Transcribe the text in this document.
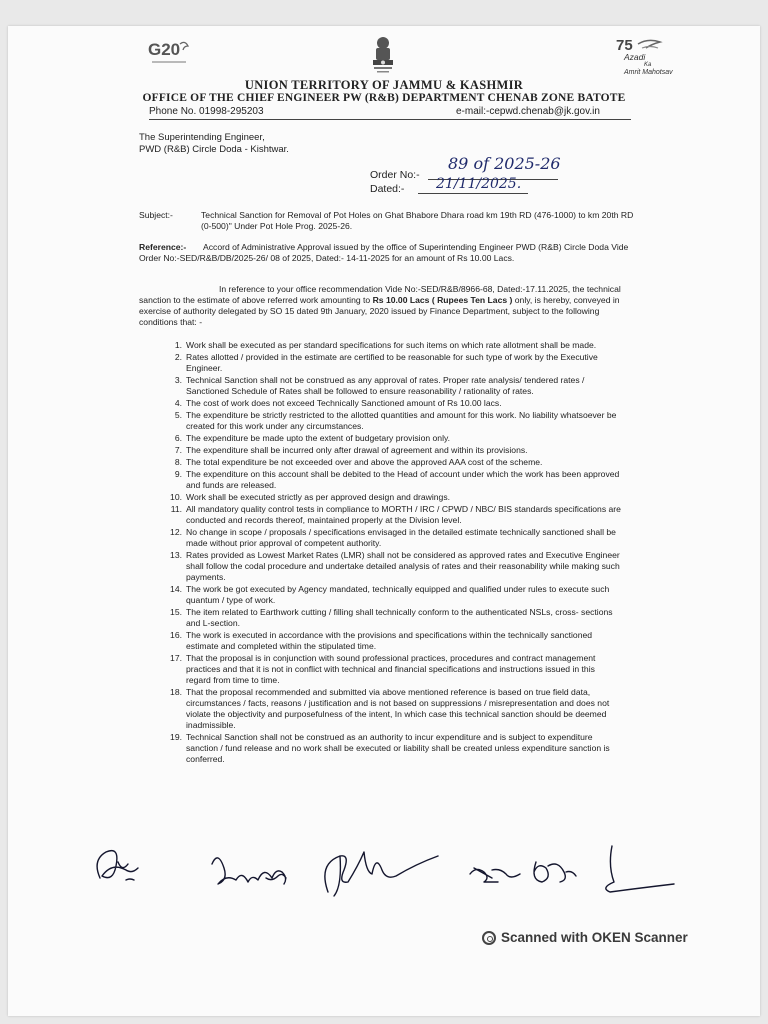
G20	75
Azadi
Ka
Amrit Mahotsav
UNION TERRITORY OF JAMMU & KASHMIR
OFFICE OF THE CHIEF ENGINEER PW (R&B) DEPARTMENT CHENAB ZONE BATOTE
Phone No. 01998-295203	e-mail:-cepwd.chenab@jk.gov.in
The Superintending Engineer,
PWD (R&B) Circle Doda - Kishtwar.
Order No:-
Dated:-
89 of 2025-26
21/11/2025.
Subject:-	Technical Sanction for Removal of Pot Holes on Ghat Bhabore Dhara road km 19th RD (476-1000) to km 20th RD (0-500)" Under Pot Hole Prog. 2025-26.
Reference:-	Accord of Administrative Approval issued by the office of Superintending Engineer PWD (R&B) Circle Doda Vide Order No:-SED/R&B/DB/2025-26/ 08 of 2025, Dated:- 14-11-2025 for an amount of Rs 10.00 Lacs.
In reference to your office recommendation Vide No:-SED/R&B/8966-68, Dated:-17.11.2025, the technical sanction to the estimate of above referred work amounting to Rs 10.00 Lacs ( Rupees Ten Lacs ) only, is hereby, conveyed in exercise of authority delegated by SO 15 dated 9th January, 2020 issued by Finance Department, subject to the following conditions that: -
1. Work shall be executed as per standard specifications for such items on which rate allotment shall be made.
2. Rates allotted / provided in the estimate are certified to be reasonable for such type of work by the Executive Engineer.
3. Technical Sanction shall not be construed as any approval of rates. Proper rate analysis/ tendered rates / Sanctioned Schedule of Rates shall be followed to ensure reasonability / rationality of rates.
4. The cost of work does not exceed Technically Sanctioned amount of Rs 10.00 lacs.
5. The expenditure be strictly restricted to the allotted quantities and amount for this work. No liability whatsoever be created for this work under any circumstances.
6. The expenditure be made upto the extent of budgetary provision only.
7. The expenditure shall be incurred only after drawal of agreement and within its provisions.
8. The total expenditure be not exceeded over and above the approved AAA cost of the scheme.
9. The expenditure on this account shall be debited to the Head of account under which the work has been approved and funds are released.
10. Work shall be executed strictly as per approved design and drawings.
11. All mandatory quality control tests in compliance to MORTH / IRC / CPWD / NBC/ BIS standards specifications are conducted and records thereof, maintained properly at the Division level.
12. No change in scope / proposals / specifications envisaged in the detailed estimate technically sanctioned shall be made without prior approval of competent authority.
13. Rates provided as Lowest Market Rates (LMR) shall not be considered as approved rates and Executive Engineer shall follow the codal procedure and undertake detailed analysis of rates and their reasonability while making such payments.
14. The work be got executed by Agency mandated, technically equipped and qualified under rules to execute such quantum / type of work.
15. The item related to Earthwork cutting / filling shall technically conform to the authenticated NSLs, cross- sections and L-section.
16. The work is executed in accordance with the provisions and specifications within the technically sanctioned estimate and completed within the stipulated time.
17. That the proposal is in conjunction with sound professional practices, procedures and contract management practices and that it is not in conflict with technical and financial specifications and instructions issued in this regard from time to time.
18. That the proposal recommended and submitted via above mentioned reference is based on true field data, circumstances / facts, reasons / justification and is not based on suppressions / misrepresentation and does not violate the objectivity and purposefulness of the intent, In which case this technical sanction should be deemed inadmissible.
19. Technical Sanction shall not be construed as an authority to incur expenditure and is subject to expenditure sanction / fund release and no work shall be executed or liability shall be created unless expenditure sanction is conferred.
Scanned with OKEN Scanner
